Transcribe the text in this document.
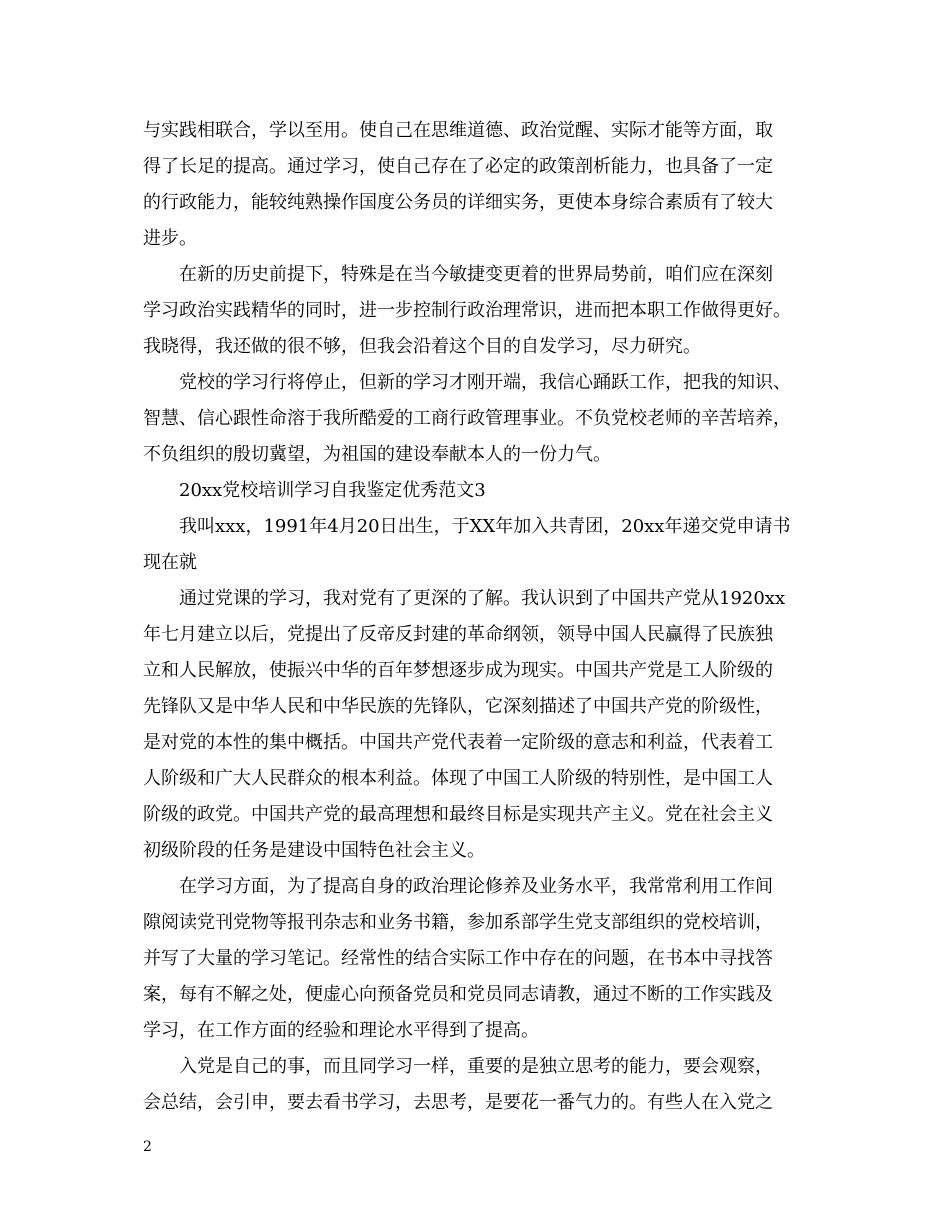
与实践相联合，学以至用。使自己在思维道德、政治觉醒、实际才能等方面，取
得了长足的提高。通过学习，使自己存在了必定的政策剖析能力，也具备了一定
的行政能力，能较纯熟操作国度公务员的详细实务，更使本身综合素质有了较大
进步。
在新的历史前提下，特殊是在当今敏捷变更着的世界局势前，咱们应在深刻
学习政治实践精华的同时，进一步控制行政治理常识，进而把本职工作做得更好。
我晓得，我还做的很不够，但我会沿着这个目的自发学习，尽力研究。
党校的学习行将停止，但新的学习才刚开端，我信心踊跃工作，把我的知识、
智慧、信心跟性命溶于我所酷爱的工商行政管理事业。不负党校老师的辛苦培养，
不负组织的殷切冀望，为祖国的建设奉献本人的一份力气。
20xx党校培训学习自我鉴定优秀范文3
我叫xxx，1991年4月20日出生，于XX年加入共青团，20xx年递交党申请书
现在就
通过党课的学习，我对党有了更深的了解。我认识到了中国共产党从1920xx
年七月建立以后，党提出了反帝反封建的革命纲领，领导中国人民赢得了民族独
立和人民解放，使振兴中华的百年梦想逐步成为现实。中国共产党是工人阶级的
先锋队又是中华人民和中华民族的先锋队，它深刻描述了中国共产党的阶级性，
是对党的本性的集中概括。中国共产党代表着一定阶级的意志和利益，代表着工
人阶级和广大人民群众的根本利益。体现了中国工人阶级的特别性，是中国工人
阶级的政党。中国共产党的最高理想和最终目标是实现共产主义。党在社会主义
初级阶段的任务是建设中国特色社会主义。
在学习方面，为了提高自身的政治理论修养及业务水平，我常常利用工作间
隙阅读党刊党物等报刊杂志和业务书籍，参加系部学生党支部组织的党校培训，
并写了大量的学习笔记。经常性的结合实际工作中存在的问题，在书本中寻找答
案，每有不解之处，便虚心向预备党员和党员同志请教，通过不断的工作实践及
学习，在工作方面的经验和理论水平得到了提高。
入党是自己的事，而且同学习一样，重要的是独立思考的能力，要会观察，
会总结，会引申，要去看书学习，去思考，是要花一番气力的。有些人在入党之
2
